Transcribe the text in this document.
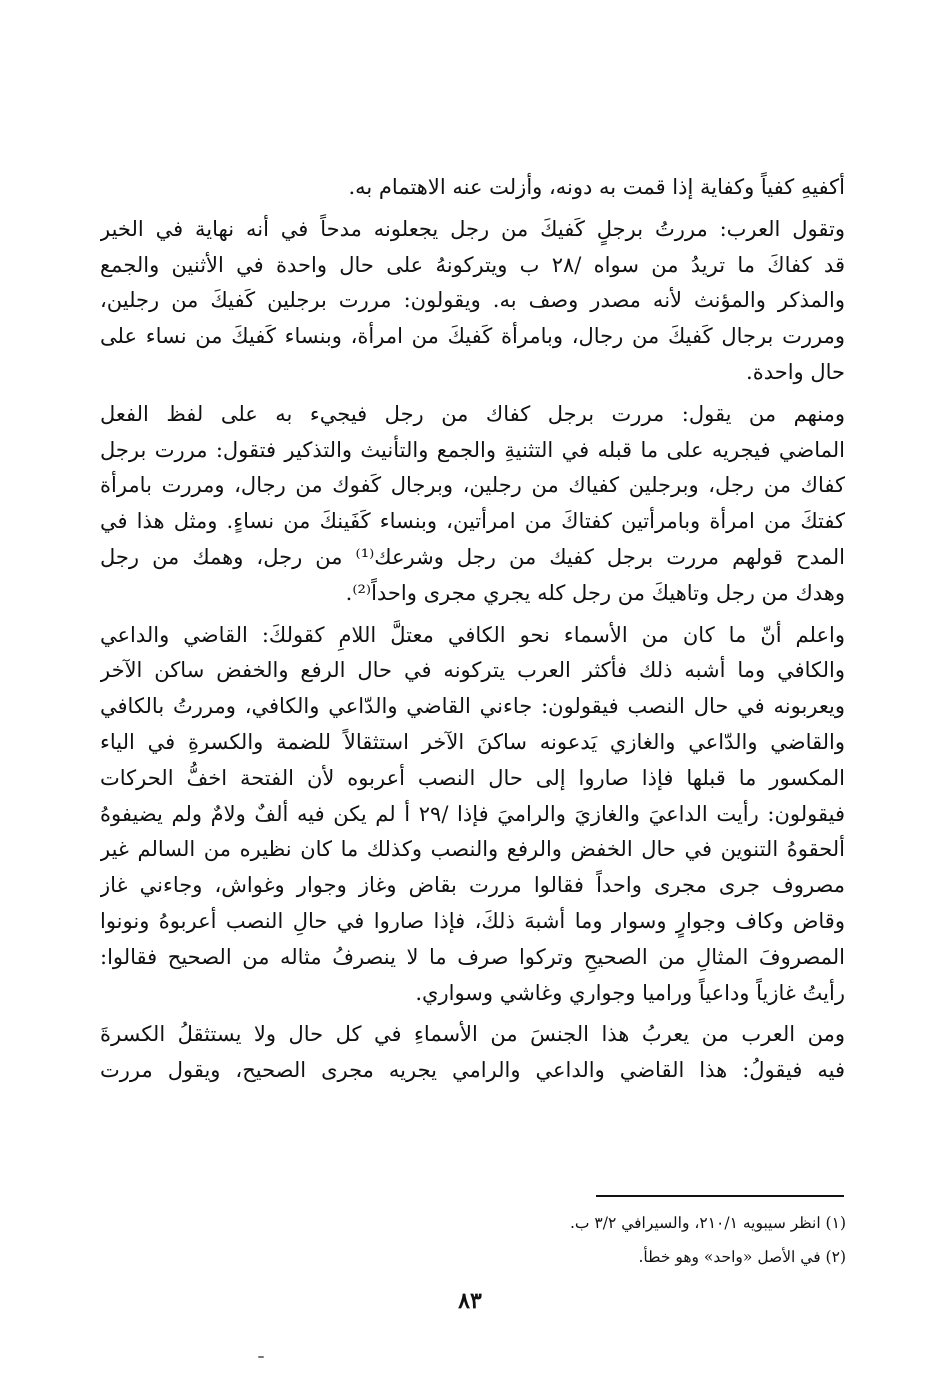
أكفيهِ كفياً وكفاية إذا قمت به دونه، وأزلت عنه الاهتمام به.
وتقول العرب: مررتُ برجلٍ كَفيكَ من رجل يجعلونه مدحاً في أنه نهاية في الخير
قد كفاكَ ما تريدُ من سواه ‎/٢٨‎ ب ويتركونهُ على حال واحدة في الأثنين والجمع
والمذكر والمؤنث لأنه مصدر وصف به. ويقولون: مررت برجلين كَفيكَ من رجلين،
ومررت برجال كَفيكَ من رجال، وبامرأة كَفيكَ من امرأة، وبنساء كَفيكَ من نساء على
حال واحدة.
ومنهم من يقول: مررت برجل كفاك من رجل فيجيء به على لفظ الفعل
الماضي فيجريه على ما قبله في التثنيةِ والجمع والتأنيث والتذكير فتقول: مررت برجل
كفاك من رجل، وبرجلين كفياك من رجلين، وبرجال كَفوك من رجال، ومررت بامرأة
كفتكَ من امرأة وبامرأتين كفتاكَ من امرأتين، وبنساء كَفَينكَ من نساءٍ. ومثل هذا في
المدح قولهم مررت برجل كفيك من رجل وشرعك⁽¹⁾ من رجل، وهمك من رجل
وهدك من رجل وتاهيكَ من رجل كله يجري مجرى واحداً⁽²⁾.
واعلم أنّ ما كان من الأسماء نحو الكافي معتلَّ اللامِ كقولكَ: القاضي والداعي
والكافي وما أشبه ذلك فأكثر العرب يتركونه في حال الرفع والخفض ساكن الآخر
ويعربونه في حال النصب فيقولون: جاءني القاضي والدّاعي والكافي، ومررتُ بالكافي
والقاضي والدّاعي والغازي يَدعونه ساكنَ الآخر استثقالاً للضمة والكسرةِ في الياء
المكسور ما قبلها فإذا صاروا إلى حال النصب أعربوه لأن الفتحة اخفُّ الحركات
فيقولون: رأيت الداعيَ والغازيَ والراميَ فإذا ‎/٢٩‎ أ لم يكن فيه ألفٌ ولامٌ ولم يضيفوهُ
ألحقوهُ التنوين في حال الخفض والرفع والنصب وكذلك ما كان نظيره من السالم غير
مصروف جرى مجرى واحداً فقالوا مررت بقاض وغاز وجوار وغواش، وجاءني غاز
وقاض وكاف وجوارٍ وسوار وما أشبهَ ذلكَ، فإذا صاروا في حالِ النصب أعربوهُ ونونوا
المصروفَ المثالِ من الصحيحِ وتركوا صرف ما لا ينصرفُ مثاله من الصحيح فقالوا:
رأيتُ غازياً وداعياً وراميا وجواري وغاشي وسواري.
ومن العرب من يعربُ هذا الجنسَ من الأسماءِ في كل حال ولا يستثقلُ الكسرةَ
فيه فيقولُ: هذا القاضي والداعي والرامي يجريه مجرى الصحيح، ويقول مررت
(١) انظر سيبويه ‎٢١٠/١‎، والسيرافي ‎٣/٢‎ ب.
(٢) في الأصل «واحد» وهو خطأ.
٨٣
